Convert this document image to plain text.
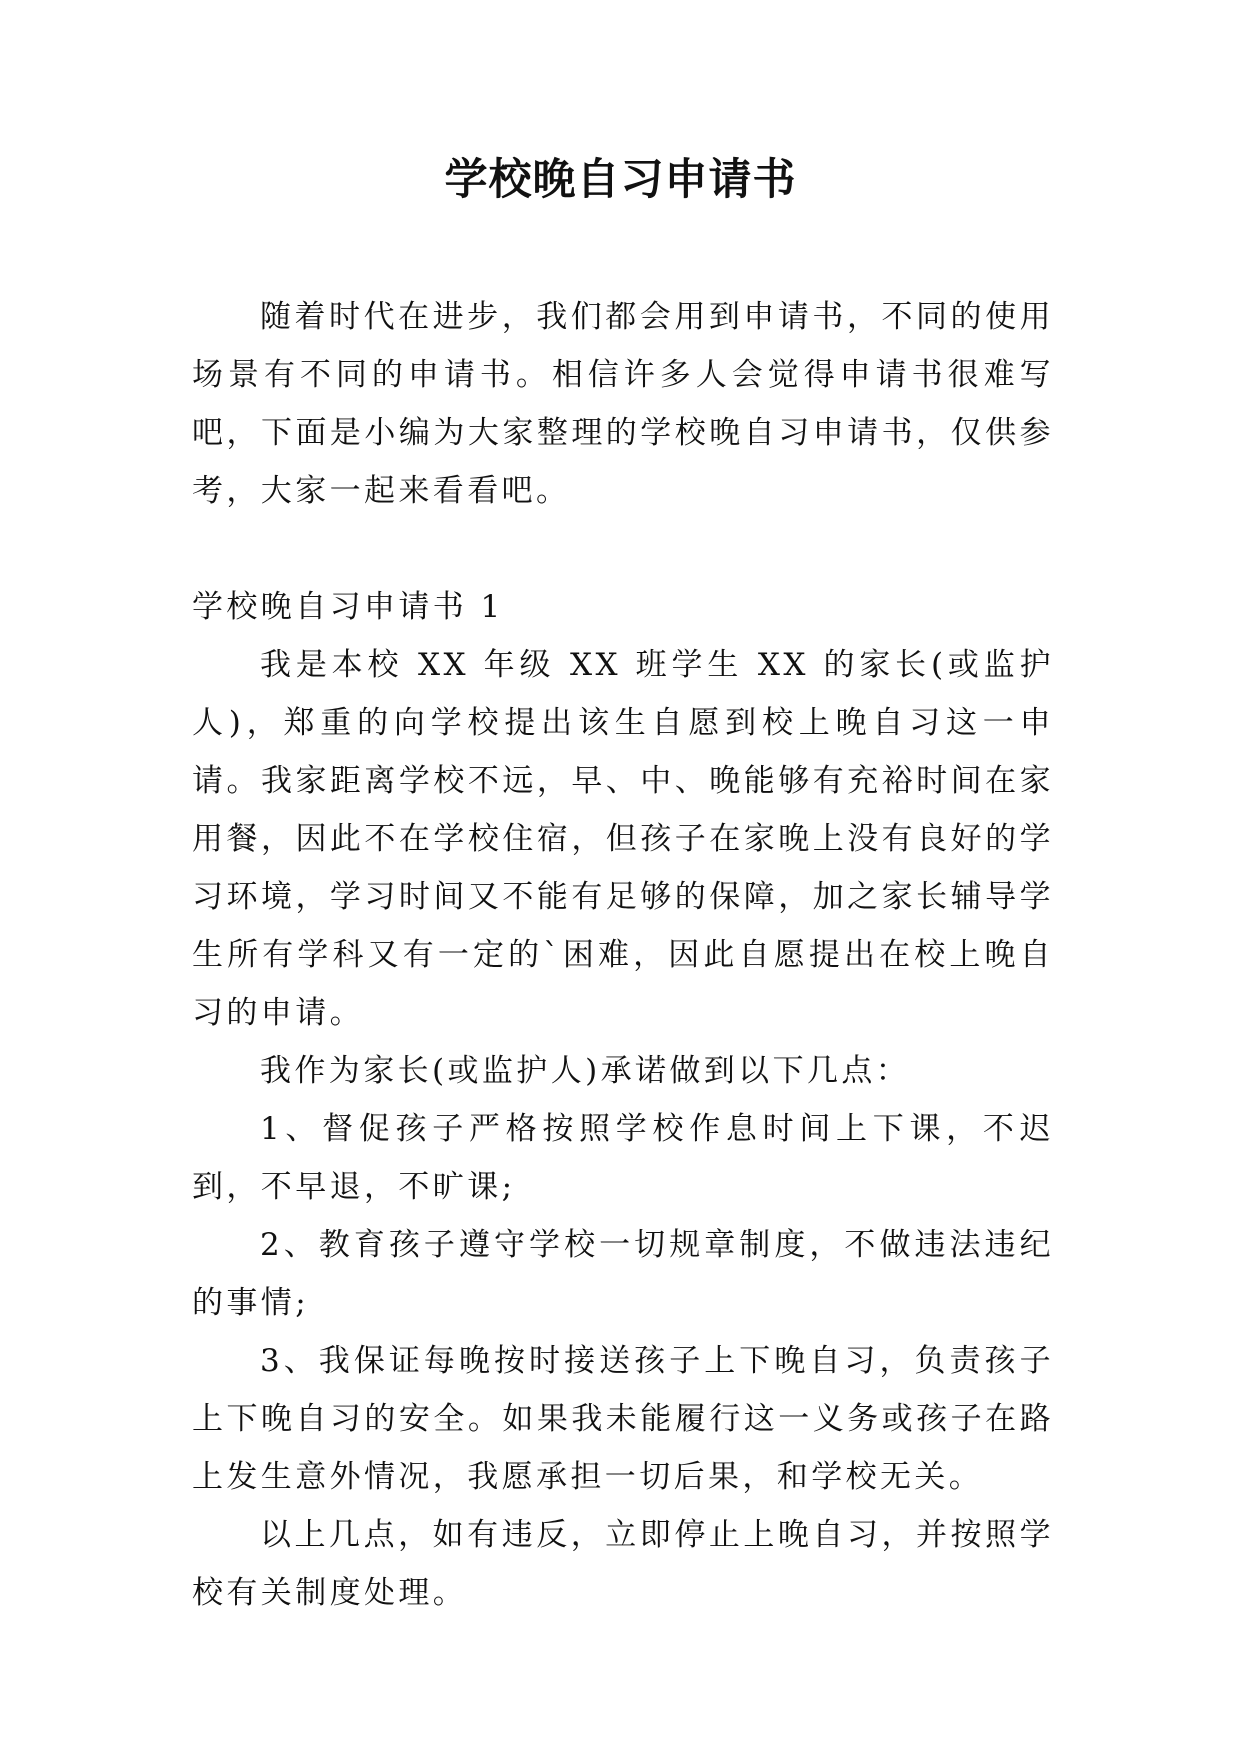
学校晚自习申请书

随着时代在进步，我们都会用到申请书，不同的使用场景有不同的申请书。相信许多人会觉得申请书很难写吧，下面是小编为大家整理的学校晚自习申请书，仅供参考，大家一起来看看吧。

学校晚自习申请书 1

我是本校 XX 年级 XX 班学生 XX 的家长(或监护人)，郑重的向学校提出该生自愿到校上晚自习这一申请。我家距离学校不远，早、中、晚能够有充裕时间在家用餐，因此不在学校住宿，但孩子在家晚上没有良好的学习环境，学习时间又不能有足够的保障，加之家长辅导学生所有学科又有一定的`困难，因此自愿提出在校上晚自习的申请。

我作为家长(或监护人)承诺做到以下几点：

1、督促孩子严格按照学校作息时间上下课，不迟到，不早退，不旷课;

2、教育孩子遵守学校一切规章制度，不做违法违纪的事情;

3、我保证每晚按时接送孩子上下晚自习，负责孩子上下晚自习的安全。如果我未能履行这一义务或孩子在路上发生意外情况，我愿承担一切后果，和学校无关。

以上几点，如有违反，立即停止上晚自习，并按照学校有关制度处理。
